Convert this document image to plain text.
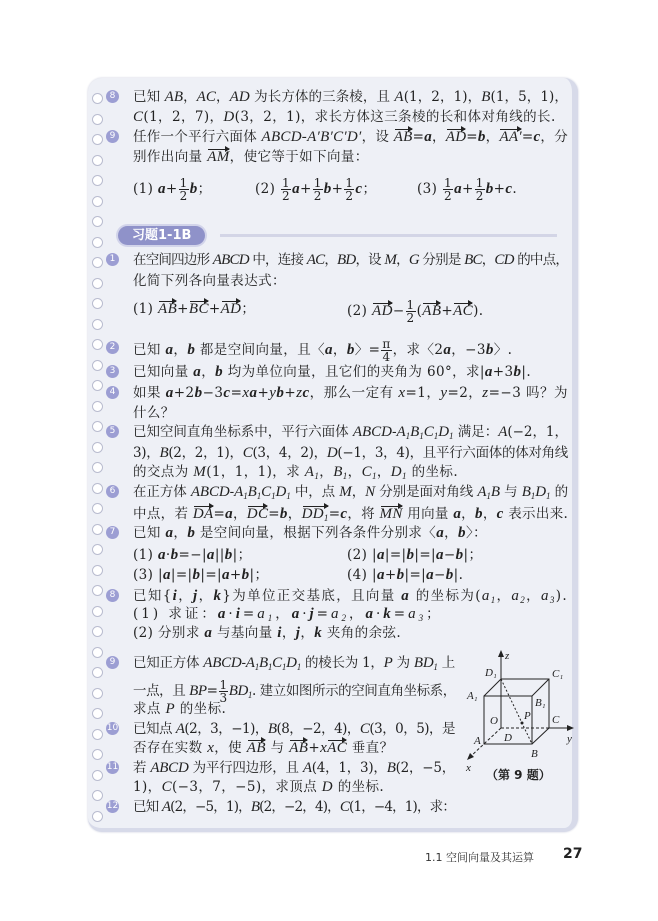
习题1-1B
8 已知 AB，AC，AD 为长方体的三条棱，且 A(1，2，1)，B(1，5，1)，
C(1，2，7)，D(3，2，1)，求长方体这三条棱的长和体对角线的长.
9 任作一个平行六面体 ABCD-A′B′C′D′，设 AB=a，AD=b，AA′=c，分
别作出向量 AM，使它等于如下向量：
(1) $a+ \frac{1}{2}$ b；	$(2) \frac{1}{2} a+ \frac{1}{2} b+ \frac{1}{2}$ c；	$(3) \frac{1}{2} a+ \frac{1}{2} b+c$.
1 在空间四边形 ABCD 中，连接 AC，BD，设 M，G 分别是 BC，CD 的中点，
化简下列各向量表达式：
(1) AB+BC+AD；	(2) $AD- \frac{1}{2} (AB+AC)$.
2 已知 a，b 都是空间向量，且〈a，b〉= $\frac{\pi}{4}$ ，求〈2a，−3b〉.
3 已知向量 a，b 均为单位向量，且它们的夹角为 60°，求|a+3b|.
4 如果 a+2b−3c=xa+yb+zc，那么一定有 x=1，y=2，z=−3 吗？为
什么？
5 已知空间直角坐标系中，平行六面体 ABCD-$A_1B_1C_1D_1$ 满足：A(−2，1，
3)，B(2，2，1)，C(3，4，2)，D(−1，3，4)，且平行六面体的体对角线
的交点为 M(1，1，1)，求 $A_1$，$B_1$，$C_1$，$D_1$ 的坐标.
6 在正方体 ABCD-$A_1B_1C_1D_1$ 中，点 M，N 分别是面对角线 $A_1B$ 与 $B_1D_1$ 的
中点，若 DA=a，DC=b，$DD_1=c$，将 MN 用向量 a，b，c 表示出来.
7 已知 a，b 是空间向量，根据下列各条件分别求〈a，b〉：
(1) a·b=−|a||b|；	(2) |a|=|b|=|a−b|；
(3) |a|=|b|=|a+b|；	(4) |a+b|=|a−b|.
8 已知{i，j，k}为单位正交基底，且向量 a 的坐标为($a_1$，$a_2$，$a_3$).
(1) 求证：$a\cdot i=a_1$，$a\cdot j=a_2$，$a\cdot k=a_3$；
(2) 分别求 a 与基向量 i，j，k 夹角的余弦.
9 已知正方体 ABCD-$A_1B_1C_1D_1$ 的棱长为 1，P 为 $BD_1$ 上
一点，且 $BP= \frac{1}{3} BD_1$. 建立如图所示的空间直角坐标系，
求点 P 的坐标.
10 已知点 A(2，3，−1)，B(8，−2，4)，C(3，0，5)，是
否存在实数 x，使 AB 与 AB+xAC 垂直？
11 若 ABCD 为平行四边形，且 A(4，1，3)，B(2，−5，
1)，C(−3，7，−5)，求顶点 D 的坐标.
12 已知 A(2，−5，1)，B(2，−2，4)，C(1，−4，1)，求：
z
y
x
D₁	C₁
A₁
B₁
O
D
P C
A
B
（第 9 题）
1.1 空间向量及其运算 27
